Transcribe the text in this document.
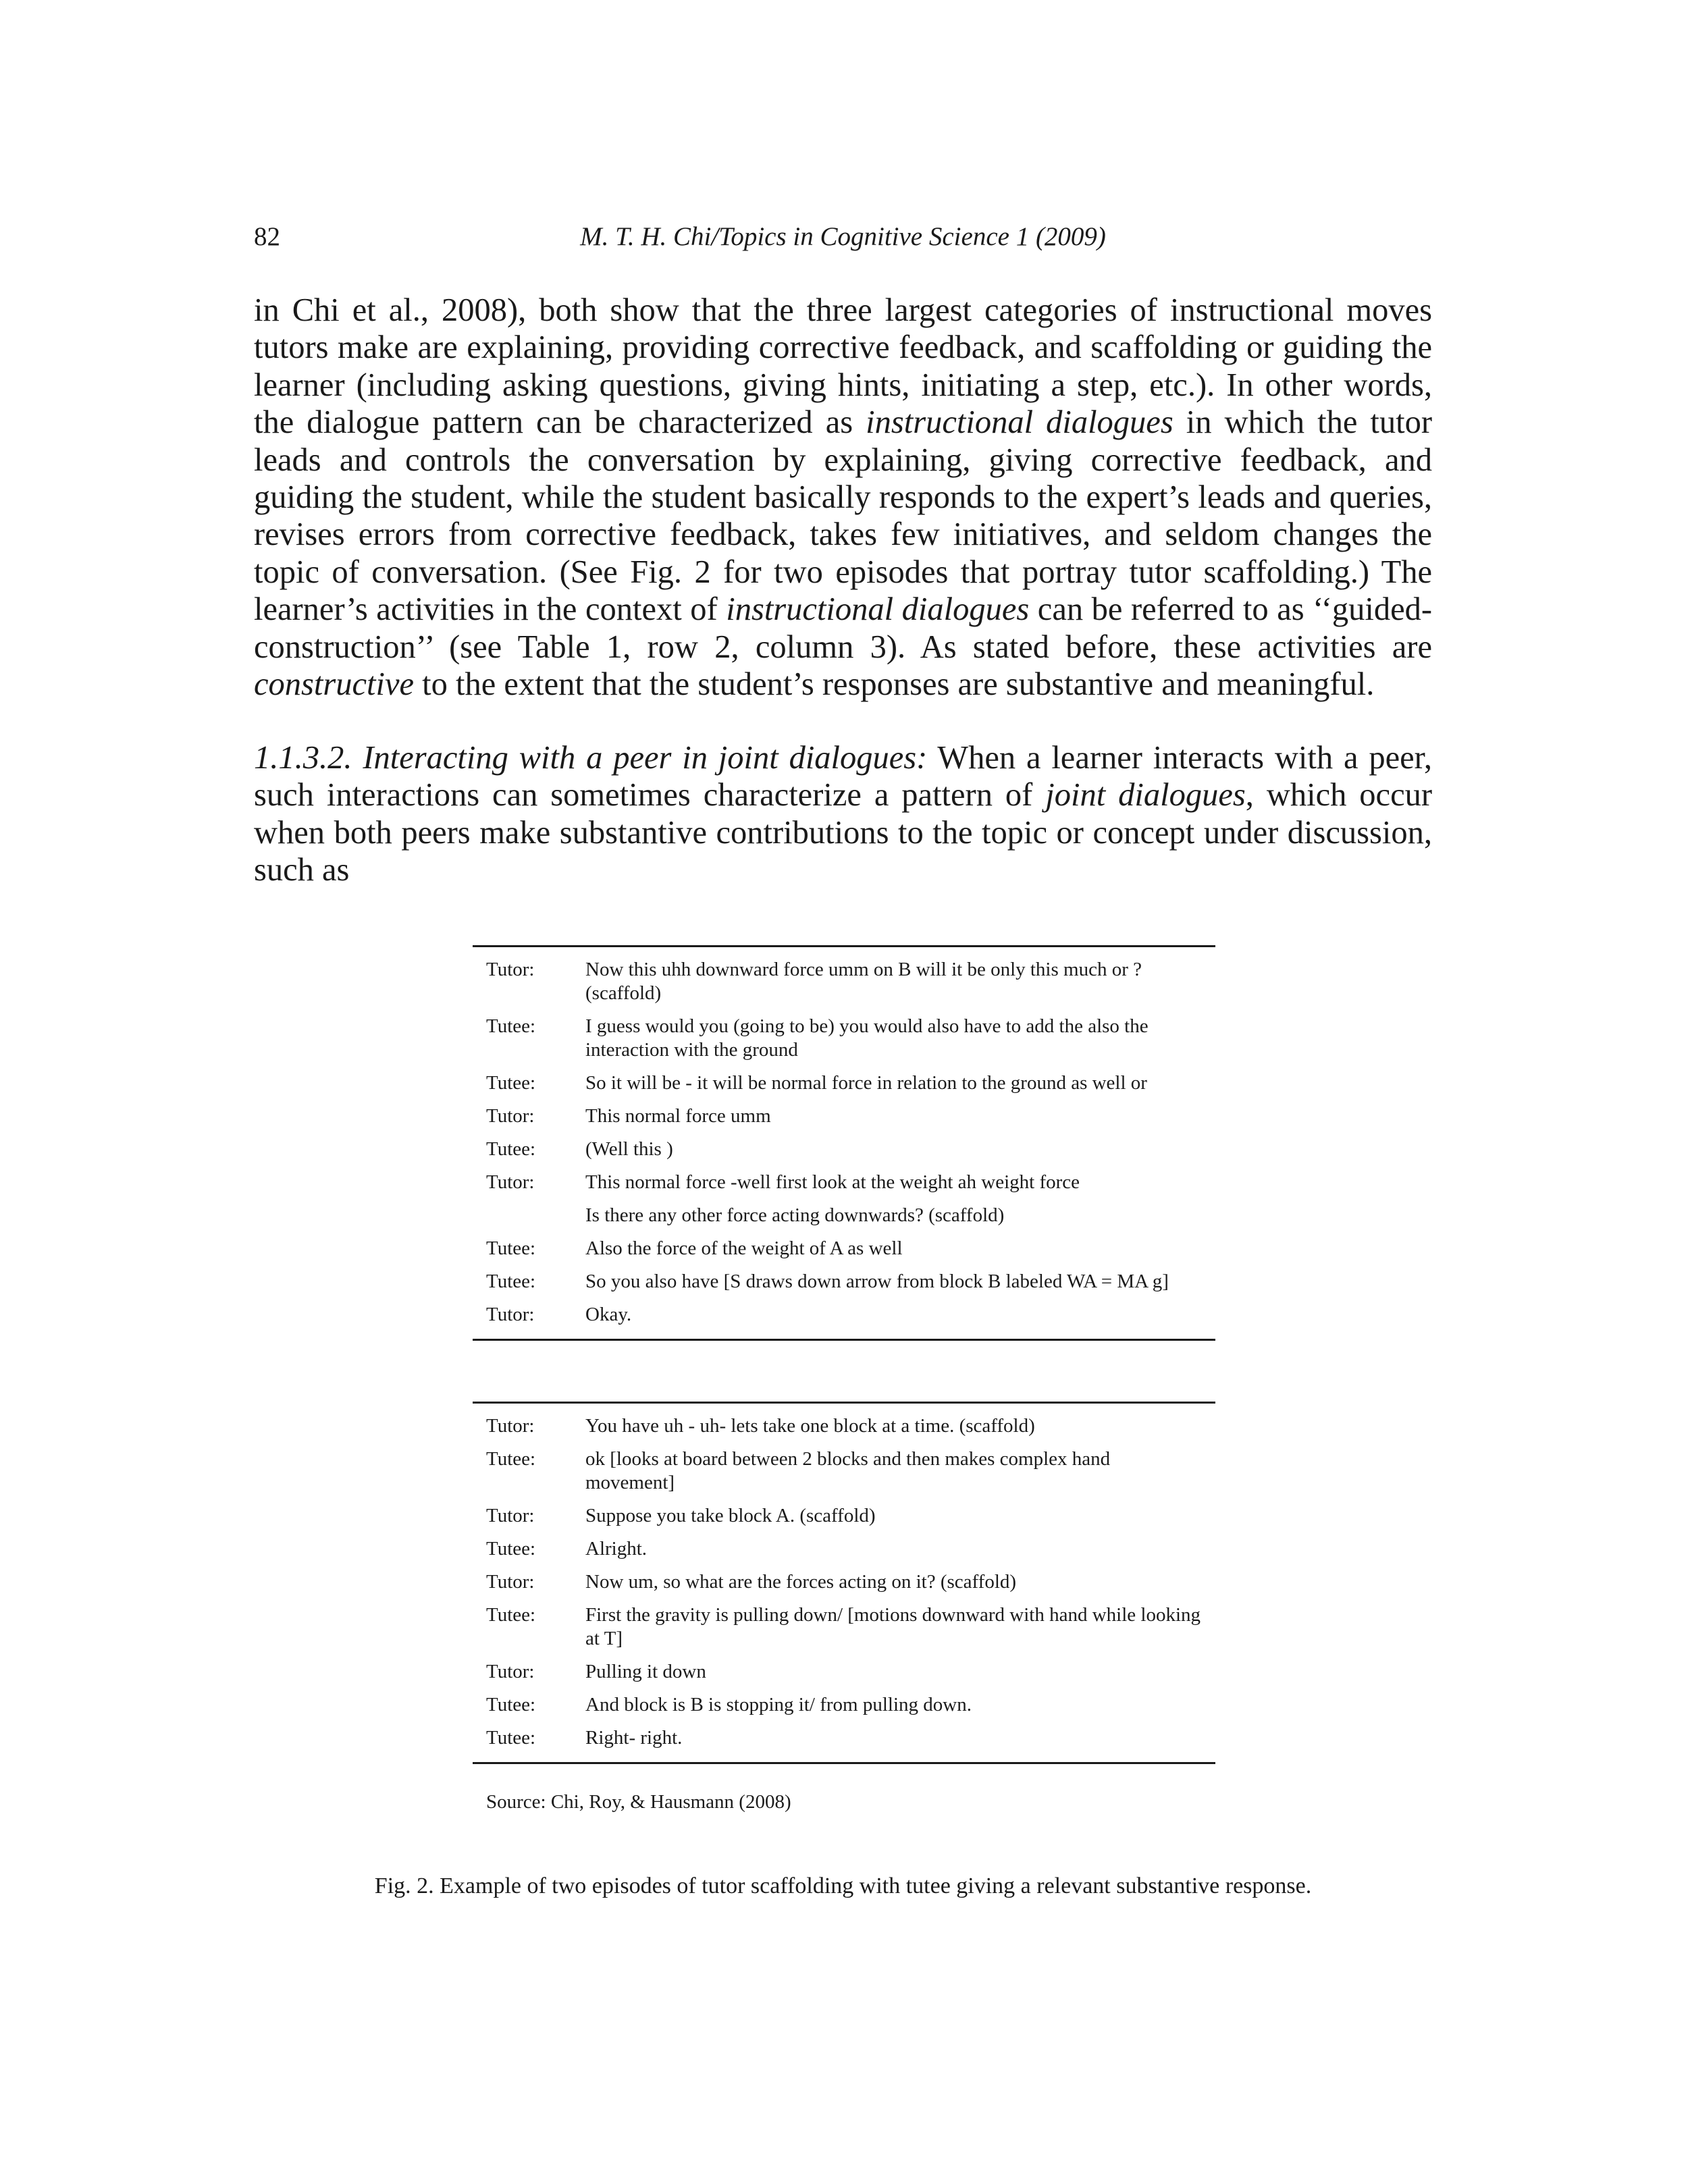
82	M. T. H. Chi/Topics in Cognitive Science 1 (2009)

in Chi et al., 2008), both show that the three largest categories of instructional moves tutors make are explaining, providing corrective feedback, and scaffolding or guiding the learner (including asking questions, giving hints, initiating a step, etc.). In other words, the dialogue pattern can be characterized as instructional dialogues in which the tutor leads and controls the conversation by explaining, giving corrective feedback, and guiding the student, while the student basically responds to the expert’s leads and queries, revises errors from corrective feedback, takes few initiatives, and seldom changes the topic of conversation. (See Fig. 2 for two episodes that portray tutor scaffolding.) The learner’s activities in the context of instructional dialogues can be referred to as ‘‘guided-construction’’ (see Table 1, row 2, column 3). As stated before, these activities are constructive to the extent that the student’s responses are substantive and meaningful.

1.1.3.2. Interacting with a peer in joint dialogues: When a learner interacts with a peer, such interactions can sometimes characterize a pattern of joint dialogues, which occur when both peers make substantive contributions to the topic or concept under discussion, such as

Tutor:	Now this uhh downward force umm on B will it be only this much or ? (scaffold)
Tutee:	I guess would you (going to be) you would also have to add the also the interaction with the ground
Tutee:	So it will be - it will be normal force in relation to the ground as well or
Tutor:	This normal force umm
Tutee:	(Well this )
Tutor:	This normal force -well first look at the weight ah weight force
Is there any other force acting downwards? (scaffold)
Tutee:	Also the force of the weight of A as well
Tutee:	So you also have [S draws down arrow from block B labeled WA = MA g]
Tutor:	Okay.
Tutor:	You have uh - uh- lets take one block at a time. (scaffold)
Tutee:	ok [looks at board between 2 blocks and then makes complex hand movement]
Tutor:	Suppose you take block A. (scaffold)
Tutee:	Alright.
Tutor:	Now um, so what are the forces acting on it? (scaffold)
Tutee:	First the gravity is pulling down/ [motions downward with hand while looking at T]
Tutor:	Pulling it down
Tutee:	And block is B is stopping it/ from pulling down.
Tutee:	Right- right.
Source: Chi, Roy, & Hausmann (2008)
Fig. 2. Example of two episodes of tutor scaffolding with tutee giving a relevant substantive response.
